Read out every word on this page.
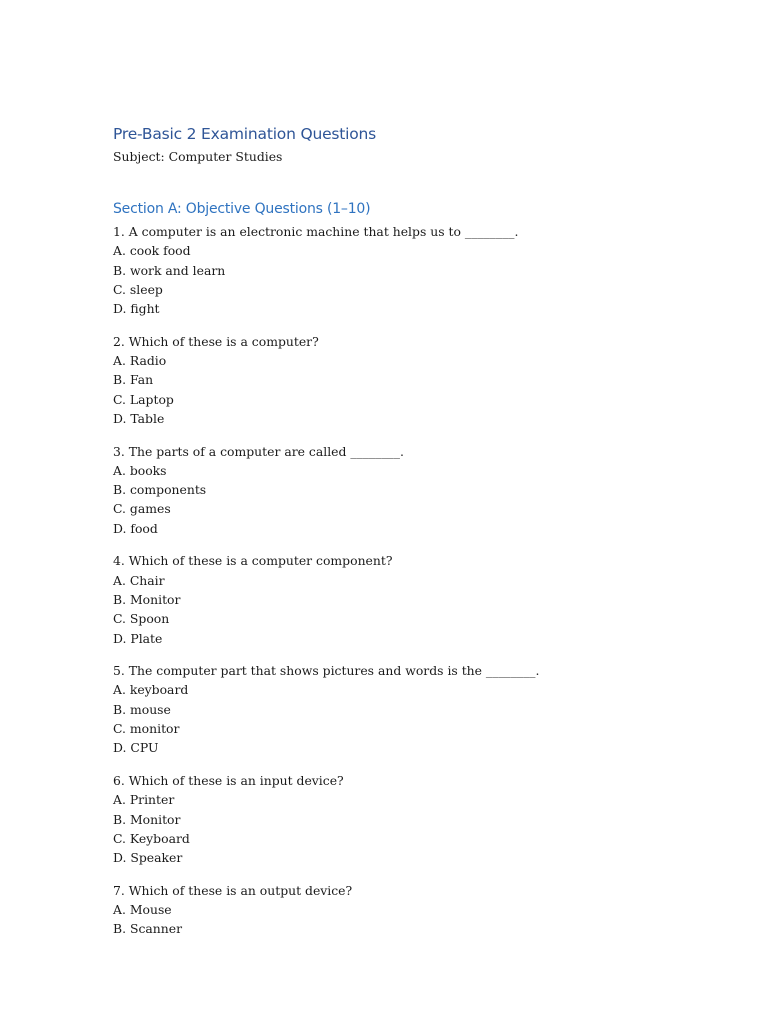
Pre-Basic 2 Examination Questions
Subject: Computer Studies
Section A: Objective Questions (1–10)
1. A computer is an electronic machine that helps us to ________.
A. cook food
B. work and learn
C. sleep
D. fight
2. Which of these is a computer?
A. Radio
B. Fan
C. Laptop
D. Table
3. The parts of a computer are called ________.
A. books
B. components
C. games
D. food
4. Which of these is a computer component?
A. Chair
B. Monitor
C. Spoon
D. Plate
5. The computer part that shows pictures and words is the ________.
A. keyboard
B. mouse
C. monitor
D. CPU
6. Which of these is an input device?
A. Printer
B. Monitor
C. Keyboard
D. Speaker
7. Which of these is an output device?
A. Mouse
B. Scanner
